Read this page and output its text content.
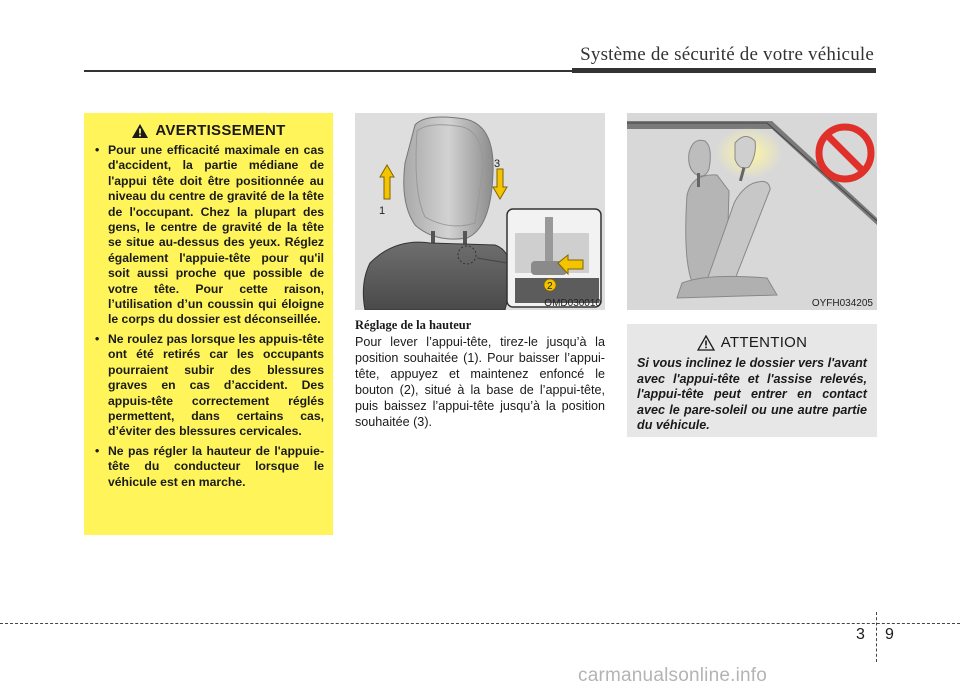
Système de sécurité de votre véhicule
AVERTISSEMENT
• Pour une efficacité maximale en cas d'accident, la partie médiane de l'appui tête doit être positionnée au niveau du centre de gravité de la tête de l'occupant. Chez la plupart des gens, le centre de gravité de la tête se situe au-dessus des yeux. Réglez également l'appuie-tête pour qu'il soit aussi proche que possible de votre tête. Pour cette raison, l’utilisation d’un coussin qui éloigne le corps du dossier est déconseillée.
• Ne roulez pas lorsque les appuis-tête ont été retirés car les occupants pourraient subir des blessures graves en cas d’accident. Des appuis-tête correctement réglés permettent, dans certains cas, d’éviter des blessures cervicales.
• Ne pas régler la hauteur de l'appuie-tête du conducteur lorsque le véhicule est en marche.
1
3
2
OMD030010	OYFH034205
Réglage de la hauteur

Pour lever l’appui-tête, tirez-le jusqu’à la position souhaitée (1). Pour baisser l’appui-tête, appuyez et maintenez enfoncé le bouton (2), situé à la base de l’appui-tête, puis baissez l’appui-tête jusqu’à la position souhaitée (3).

ATTENTION

Si vous inclinez le dossier vers l'avant avec l'appui-tête et l'assise relevés, l'appui-tête peut entrer en contact avec le pare-soleil ou une autre partie du véhicule.

3 9
carmanualsonline.info
